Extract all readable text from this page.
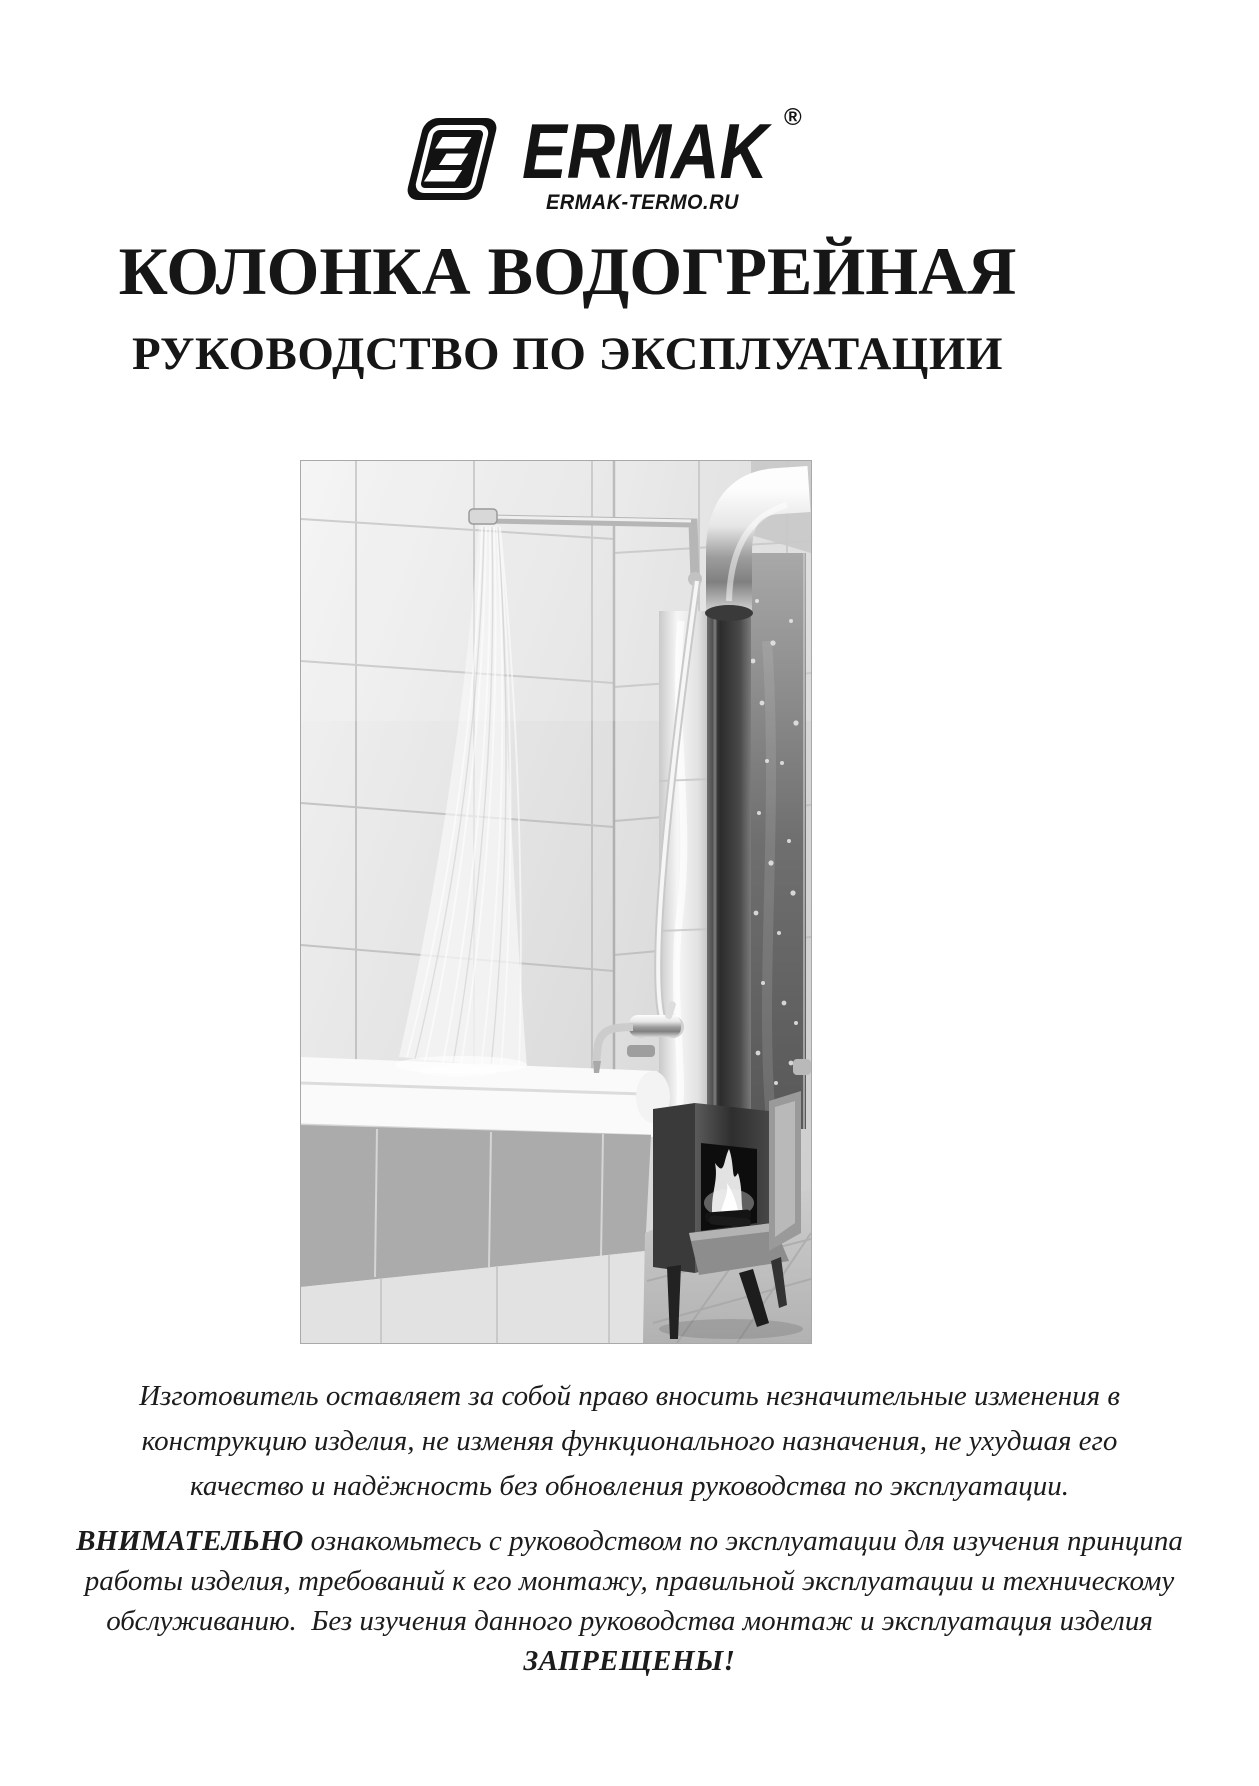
ERMAK ®
ERMAK-TERMO.RU
КОЛОНКА ВОДОГРЕЙНАЯ
РУКОВОДСТВО ПО ЭКСПЛУАТАЦИИ
Изготовитель оставляет за собой право вносить незначительные изменения в
конструкцию изделия, не изменяя функционального назначения, не ухудшая его
качество и надёжность без обновления руководства по эксплуатации.
ВНИМАТЕЛЬНО ознакомьтесь с руководством по эксплуатации для изучения принципа
работы изделия, требований к его монтажу, правильной эксплуатации и техническому
обслуживанию.  Без изучения данного руководства монтаж и эксплуатация изделия
ЗАПРЕЩЕНЫ!
